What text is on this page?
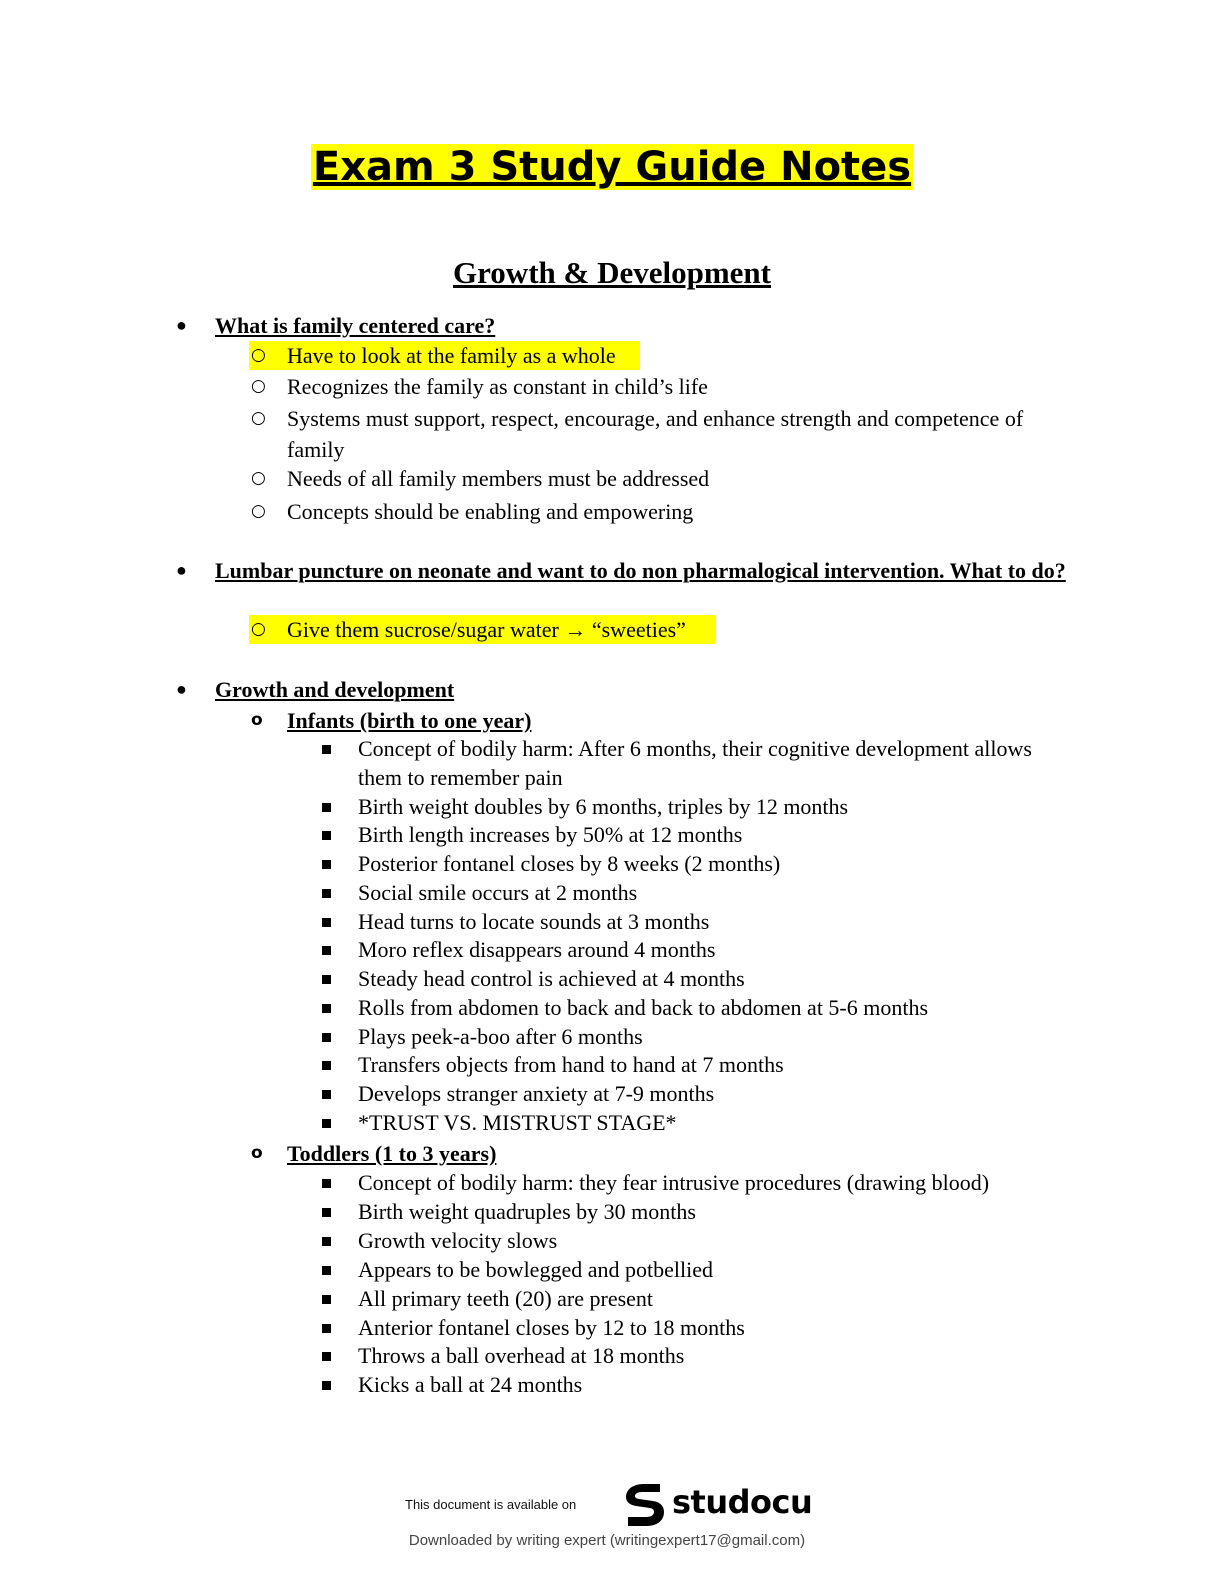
Exam 3 Study Guide Notes
Growth & Development
● What is family centered care?
○ Have to look at the family as a whole
○ Recognizes the family as constant in child’s life
○ Systems must support, respect, encourage, and enhance strength and competence of family
○ Needs of all family members must be addressed
○ Concepts should be enabling and empowering
● Lumbar puncture on neonate and want to do non pharmalogical intervention. What to do?
○ Give them sucrose/sugar water → “sweeties”
● Growth and development
o Infants (birth to one year)
Concept of bodily harm: After 6 months, their cognitive development allows them to remember pain
Birth weight doubles by 6 months, triples by 12 months
Birth length increases by 50% at 12 months
Posterior fontanel closes by 8 weeks (2 months)
Social smile occurs at 2 months
Head turns to locate sounds at 3 months
Moro reflex disappears around 4 months
Steady head control is achieved at 4 months
Rolls from abdomen to back and back to abdomen at 5-6 months
Plays peek-a-boo after 6 months
Transfers objects from hand to hand at 7 months
Develops stranger anxiety at 7-9 months
*TRUST VS. MISTRUST STAGE*
o Toddlers (1 to 3 years)
Concept of bodily harm: they fear intrusive procedures (drawing blood)
Birth weight quadruples by 30 months
Growth velocity slows
Appears to be bowlegged and potbellied
All primary teeth (20) are present
Anterior fontanel closes by 12 to 18 months
Throws a ball overhead at 18 months
Kicks a ball at 24 months
This document is available on	studocu
Downloaded by writing expert (writingexpert17@gmail.com)
